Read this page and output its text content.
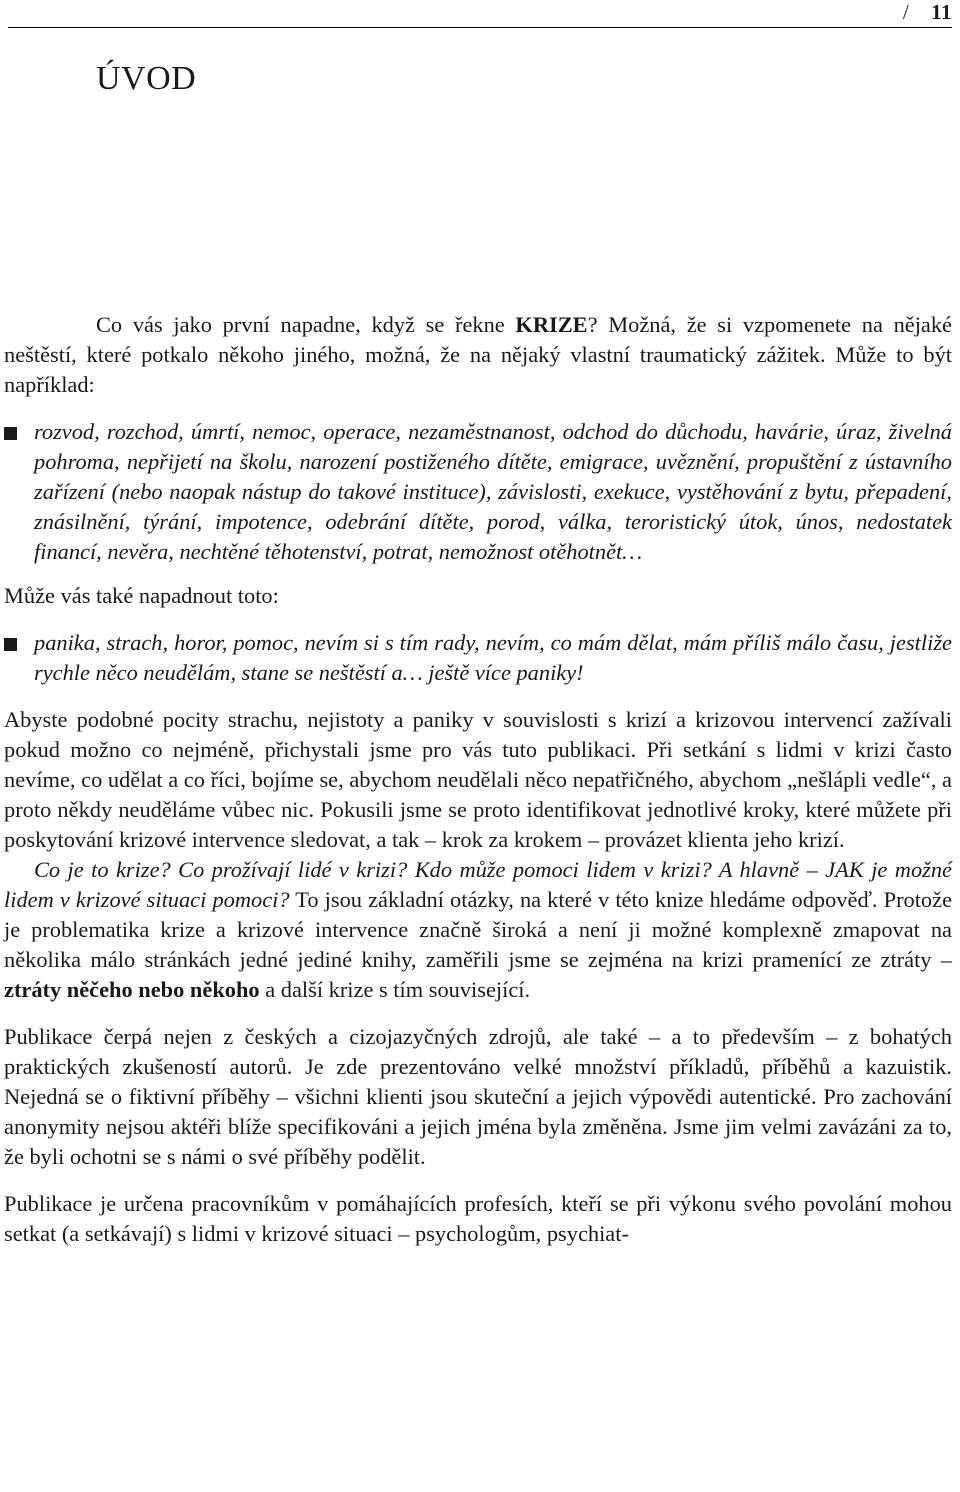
/ 11
ÚVOD

Co vás jako první napadne, když se řekne KRIZE? Možná, že si vzpomenete na nějaké neštěstí, které potkalo někoho jiného, možná, že na nějaký vlastní traumatický zážitek. Může to být například:

rozvod, rozchod, úmrtí, nemoc, operace, nezaměstnanost, odchod do důchodu, havárie, úraz, živelná pohroma, nepřijetí na školu, narození postiženého dítěte, emigrace, uvěznění, propuštění z ústavního zařízení (nebo naopak nástup do takové instituce), závislosti, exekuce, vystěhování z bytu, přepadení, znásilnění, týrání, impotence, odebrání dítěte, porod, válka, teroristický útok, únos, nedostatek financí, nevěra, nechtěné těhotenství, potrat, nemožnost otěhotnět…

Může vás také napadnout toto:

panika, strach, horor, pomoc, nevím si s tím rady, nevím, co mám dělat, mám příliš málo času, jestliže rychle něco neudělám, stane se neštěstí a… ještě více paniky!

Abyste podobné pocity strachu, nejistoty a paniky v souvislosti s krizí a krizovou intervencí zažívali pokud možno co nejméně, přichystali jsme pro vás tuto publikaci. Při setkání s lidmi v krizi často nevíme, co udělat a co říci, bojíme se, abychom neudělali něco nepatřičného, abychom „nešlápli vedle“, a proto někdy neuděláme vůbec nic. Pokusili jsme se proto identifikovat jednotlivé kroky, které můžete při poskytování krizové intervence sledovat, a tak – krok za krokem – provázet klienta jeho krizí.

Co je to krize? Co prožívají lidé v krizi? Kdo může pomoci lidem v krizi? A hlavně – JAK je možné lidem v krizové situaci pomoci? To jsou základní otázky, na které v této knize hledáme odpověď. Protože je problematika krize a krizové intervence značně široká a není ji možné komplexně zmapovat na několika málo stránkách jedné jediné knihy, zaměřili jsme se zejména na krizi pramenící ze ztráty – ztráty něčeho nebo někoho a další krize s tím související.

Publikace čerpá nejen z českých a cizojazyčných zdrojů, ale také – a to především – z bohatých praktických zkušeností autorů. Je zde prezentováno velké množství příkladů, příběhů a kazuistik. Nejedná se o fiktivní příběhy – všichni klienti jsou skuteční a jejich výpovědi autentické. Pro zachování anonymity nejsou aktéři blíže specifikováni a jejich jména byla změněna. Jsme jim velmi zavázáni za to, že byli ochotni se s námi o své příběhy podělit.

Publikace je určena pracovníkům v pomáhajících profesích, kteří se při výkonu svého povolání mohou setkat (a setkávají) s lidmi v krizové situaci – psychologům, psychiat-
